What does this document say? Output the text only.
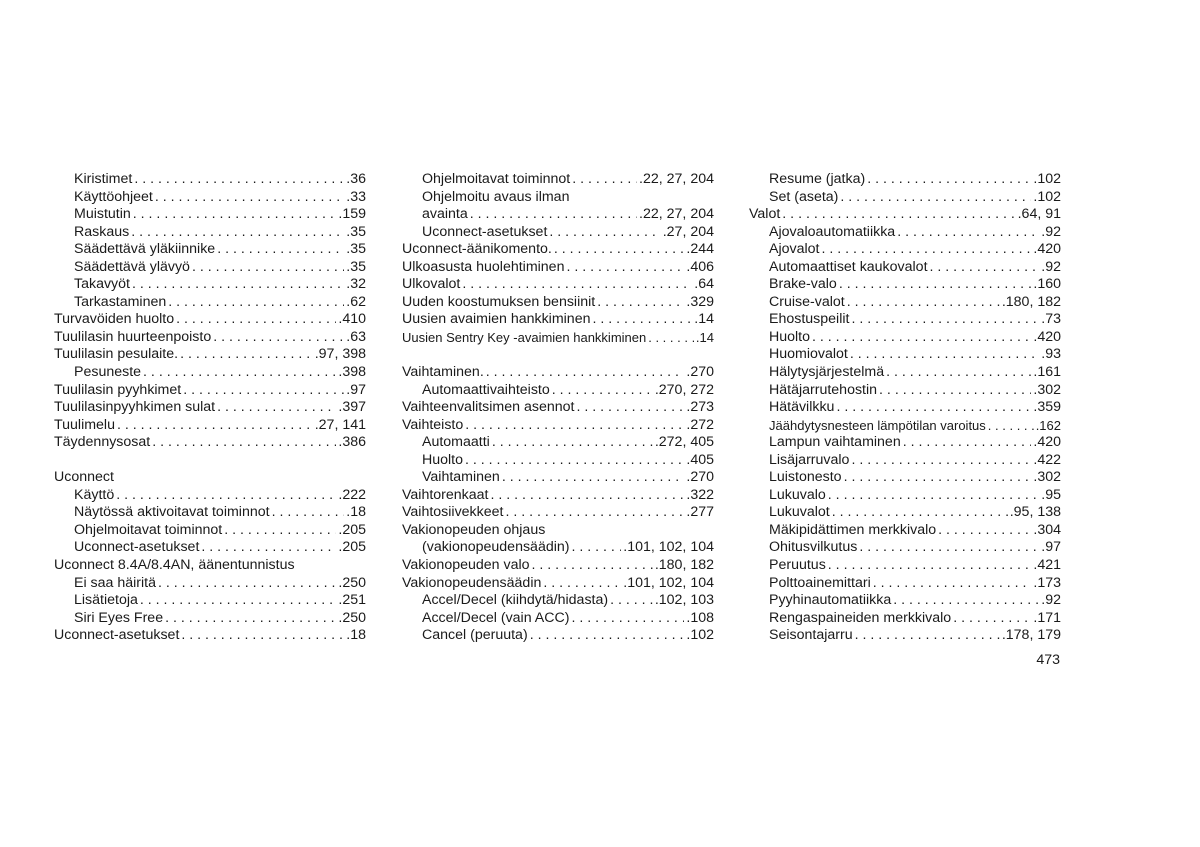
Kiristimet . . .	.36
Käyttöohjeet . . .	.33
Muistutin . . .	.159
Raskaus . . .	.35
Säädettävä yläkiinnike . . .	.35
Säädettävä ylävyö . . .	.35
Takavyöt . . .	.32
Tarkastaminen . . .	.62
Turvavöiden huolto . . .	.410
Tuulilasin huurteenpoisto . . .	.63
Tuulilasin pesulaite. . . .	.97, 398
Pesuneste . . .	.398
Tuulilasin pyyhkimet . . .	.97
Tuulilasinpyyhkimen sulat . . .	.397
Tuulimelu . . .	.27, 141
Täydennysosat . . .	.386
Uconnect
Käyttö . . .	.222
Näytössä aktivoitavat toiminnot . . .	.18
Ohjelmoitavat toiminnot . . .	.205
Uconnect-asetukset . . .	.205
Uconnect 8.4A/8.4AN, äänentunnistus
Ei saa häiritä . . .	.250
Lisätietoja . . .	.251
Siri Eyes Free . . .	.250
Uconnect-asetukset . . .	.18
Ohjelmoitavat toiminnot . . .	.22, 27, 204
Ohjelmoitu avaus ilman
avainta . . .	.22, 27, 204
Uconnect-asetukset . . .	.27, 204
Uconnect-äänikomento. . . .	.244
Ulkoasusta huolehtiminen . . .	.406
Ulkovalot . . .	.64
Uuden koostumuksen bensiinit . . .	.329
Uusien avaimien hankkiminen . . .	.14
Uusien Sentry Key -avaimien hankkiminen . . .	.14
Vaihtaminen. . . .	.270
Automaattivaihteisto . . .	.270, 272
Vaihteenvalitsimen asennot . . .	.273
Vaihteisto . . .	.272
Automaatti . . .	.272, 405
Huolto . . .	.405
Vaihtaminen . . .	.270
Vaihtorenkaat . . .	.322
Vaihtosiivekkeet . . .	.277
Vakionopeuden ohjaus
(vakionopeudensäädin) . . .	.101, 102, 104
Vakionopeuden valo . . .	.180, 182
Vakionopeudensäädin . . .	.101, 102, 104
Accel/Decel (kiihdytä/hidasta) . . .	.102, 103
Accel/Decel (vain ACC) . . .	.108
Cancel (peruuta) . . .	.102
Resume (jatka) . . .	.102
Set (aseta) . . .	.102
Valot . . .	.64, 91
Ajovaloautomatiikka . . .	.92
Ajovalot . . .	.420
Automaattiset kaukovalot . . .	.92
Brake-valo . . .	.160
Cruise-valot . . .	.180, 182
Ehostuspeilit . . .	.73
Huolto . . .	.420
Huomiovalot . . .	.93
Hälytysjärjestelmä . . .	.161
Hätäjarrutehostin . . .	.302
Hätävilkku . . .	.359
Jäähdytysnesteen lämpötilan varoitus . . .	.162
Lampun vaihtaminen . . .	.420
Lisäjarruvalo . . .	.422
Luistonesto . . .	.302
Lukuvalo . . .	.95
Lukuvalot . . .	.95, 138
Mäkipidättimen merkkivalo . . .	.304
Ohitusvilkutus . . .	.97
Peruutus . . .	.421
Polttoainemittari . . .	.173
Pyyhinautomatiikka . . .	.92
Rengaspaineiden merkkivalo . . .	.171
Seisontajarru . . .	.178, 179
473
